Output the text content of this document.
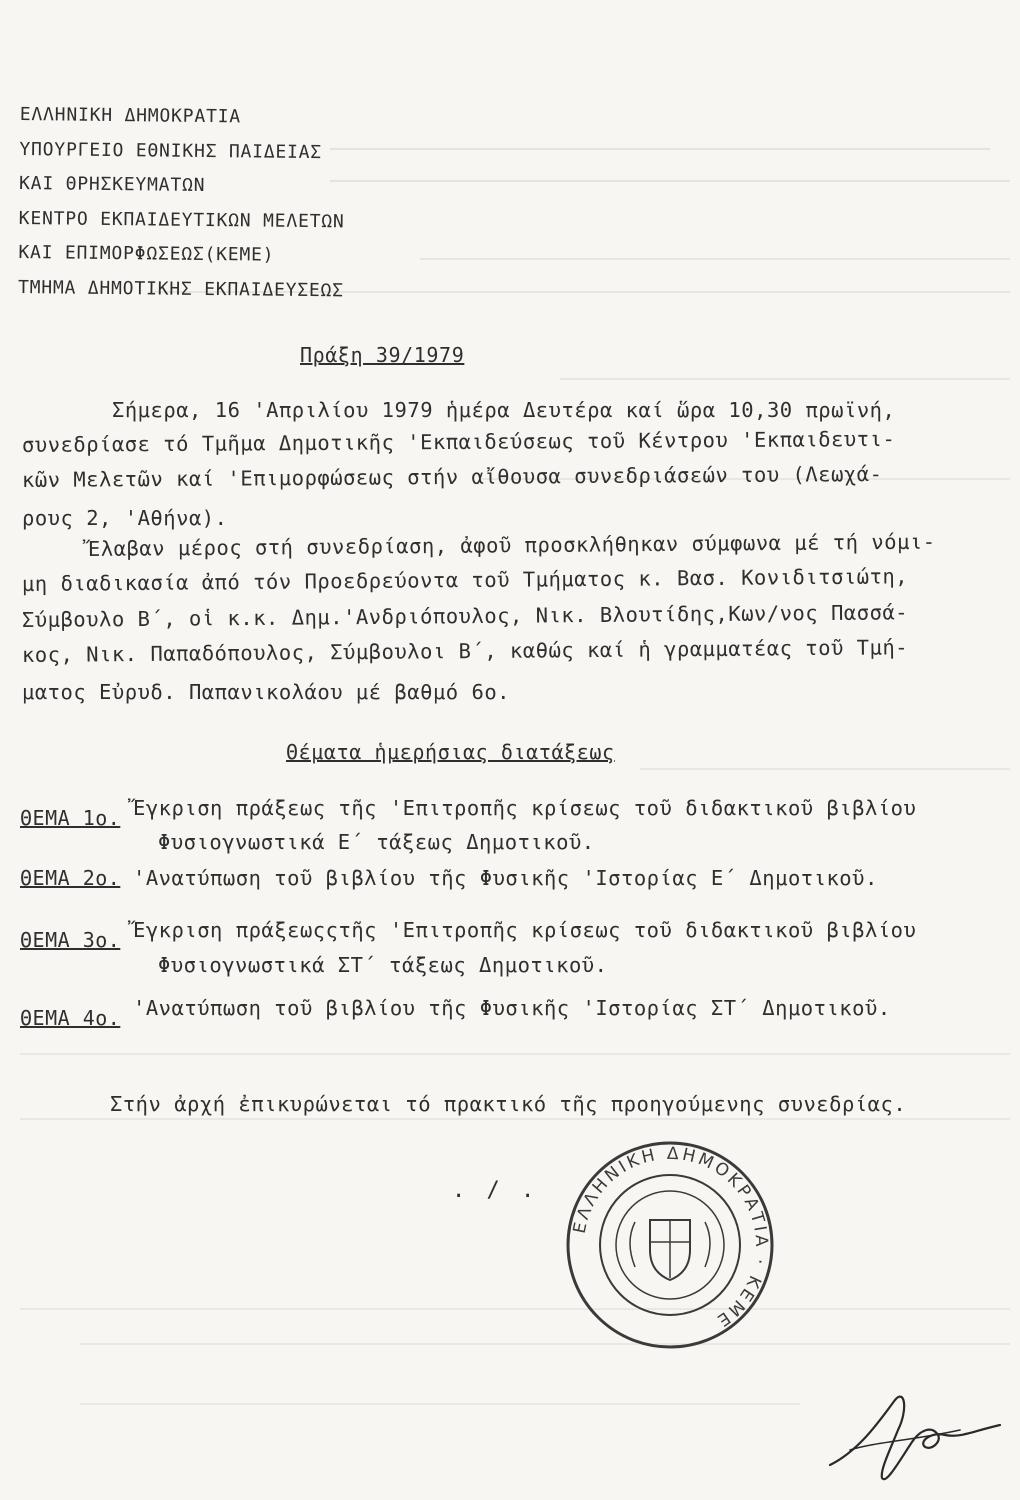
ΕΛΛΗΝΙΚΗ ΔΗΜΟΚΡΑΤΙΑ
ΥΠΟΥΡΓΕΙΟ ΕΘΝΙΚΗΣ ΠΑΙΔΕΙΑΣ
ΚΑΙ ΘΡΗΣΚΕΥΜΑΤΩΝ
ΚΕΝΤΡΟ ΕΚΠΑΙΔΕΥΤΙΚΩΝ ΜΕΛΕΤΩΝ
ΚΑΙ ΕΠΙΜΟΡΦΩΣΕΩΣ(ΚΕΜΕ)
ΤΜΗΜΑ ΔΗΜΟΤΙΚΗΣ ΕΚΠΑΙΔΕΥΣΕΩΣ
Πράξη 39/1979
Σήμερα, 16 'Απριλίου 1979 ἡμέρα Δευτέρα καί ὥρα 10,30 πρωϊνή,
συνεδρίασε τό Τμῆμα Δημοτικῆς 'Εκπαιδεύσεως τοῦ Κέντρου 'Εκπαιδευτι-
κῶν Μελετῶν καί 'Επιμορφώσεως στήν αἴθουσα συνεδριάσεών του (Λεωχά-
ρους 2, 'Αθήνα).
Ἔλαβαν μέρος στή συνεδρίαση, ἀφοῦ προσκλήθηκαν σύμφωνα μέ τή νόμι-
μη διαδικασία ἀπό τόν Προεδρεύοντα τοῦ Τμήματος κ. Βασ. Κονιδιτσιώτη,
Σύμβουλο Β΄, οἱ κ.κ. Δημ.'Ανδριόπουλος, Νικ. Βλουτίδης,Κων/νος Πασσά-
κος, Νικ. Παπαδόπουλος, Σύμβουλοι Β΄, καθώς καί ἡ γραμματέας τοῦ Τμή-
ματος Εὐρυδ. Παπανικολάου μέ βαθμό 6ο.
Θέματα ἡμερήσιας διατάξεως
ΘΕΜΑ 1ο. Ἔγκριση πράξεως τῆς 'Επιτροπῆς κρίσεως τοῦ διδακτικοῦ βιβλίου
Φυσιογνωστικά Ε΄ τάξεως Δημοτικοῦ.
ΘΕΜΑ 2ο. 'Ανατύπωση τοῦ βιβλίου τῆς Φυσικῆς 'Ιστορίας Ε΄ Δημοτικοῦ.
ΘΕΜΑ 3ο. Ἔγκριση πράξεωςςτῆς 'Επιτροπῆς κρίσεως τοῦ διδακτικοῦ βιβλίου
Φυσιογνωστικά ΣΤ΄ τάξεως Δημοτικοῦ.
ΘΕΜΑ 4ο. 'Ανατύπωση τοῦ βιβλίου τῆς Φυσικῆς 'Ιστορίας ΣΤ΄ Δημοτικοῦ.
Στήν ἀρχή ἐπικυρώνεται τό πρακτικό τῆς προηγούμενης συνεδρίας.
. / .
ΕΛΛΗΝΙΚΗ ΔΗΜΟΚΡΑΤΙΑ · ΚΕΜΕ
